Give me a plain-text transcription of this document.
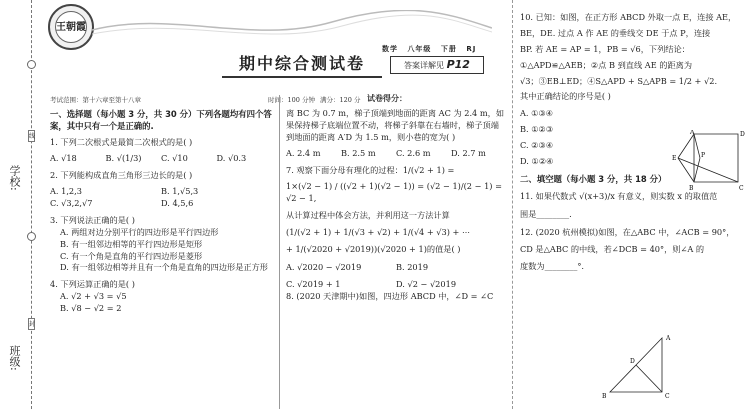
学校:
班级:
线
封
王朝霞
期中综合测试卷
数学 八年级 下册 RJ
答案详解见 P12
考试范围：第十六章至第十八章	时间：100 分钟 满分：120 分 试卷得分：

一、选择题（每小题 3 分，共 30 分）下列各题均有四个答案，其中只有一个是正确的.

1. 下列二次根式是最简二次根式的是( )

A. √18	B. √(1/3)	C. √10	D. √0.3

2. 下列能构成直角三角形三边长的是( )

A. 1,2,3	B. 1,√5,3
C. √3,2,√7	D. 4,5,6

3. 下列说法正确的是( )

A. 两组对边分别平行的四边形是平行四边形

B. 有一组邻边相等的平行四边形是矩形

C. 有一个角是直角的平行四边形是菱形

D. 有一组邻边相等并且有一个角是直角的四边形是正方形

4. 下列运算正确的是( )

A. √2 + √3 = √5

B. √8 − √2 = 2

离 BC 为 0.7 m，梯子顶端到地面的距离 AC 为 2.4 m，如果保持梯子底端位置不动，将梯子斜靠在右墙时，梯子顶端到地面的距离 A′D 为 1.5 m，则小巷的宽为( )

A. 2.4 m	B. 2.5 m	C. 2.6 m	D. 2.7 m

7. 观察下面分母有理化的过程：1/(√2 + 1) =

1×(√2 − 1) / ((√2 + 1)(√2 − 1)) = (√2 − 1)/(2 − 1) = √2 − 1,

从计算过程中体会方法，并利用这一方法计算

(1/(√2 + 1) + 1/(√3 + √2) + 1/(√4 + √3) + ⋯

+ 1/(√2020 + √2019))(√2020 + 1)的值是( )

A. √2020 − √2019	B. 2019
C. √2019 + 1	D. √2 − √2019

8. (2020 天津期中)如图，四边形 ABCD 中，∠D = ∠C

10. 已知：如图，在正方形 ABCD 外取一点 E，连接 AE，

BE，DE. 过点 A 作 AE 的垂线交 DE 于点 P，连接

BP. 若 AE = AP = 1，PB = √6，下列结论：

①△APD≌△AEB；②点 B 到直线 AE 的距离为

√3；③EB⊥ED；④S△APD + S△APB = 1/2 + √2.

其中正确结论的序号是( )

A. ①③④

B. ①②③

C. ②③④

D. ①②④

二、填空题（每小题 3 分，共 18 分）

11. 如果代数式 √(x+3)/x 有意义，则实数 x 的取值范

围是________.

12. (2020 杭州模拟)如图，在△ABC 中，∠ACB = 90°，

CD 是△ABC 的中线，若∠DCB = 40°，则∠A 的

度数为________°.

A	D
E	P
B	C
A
D
B	C
